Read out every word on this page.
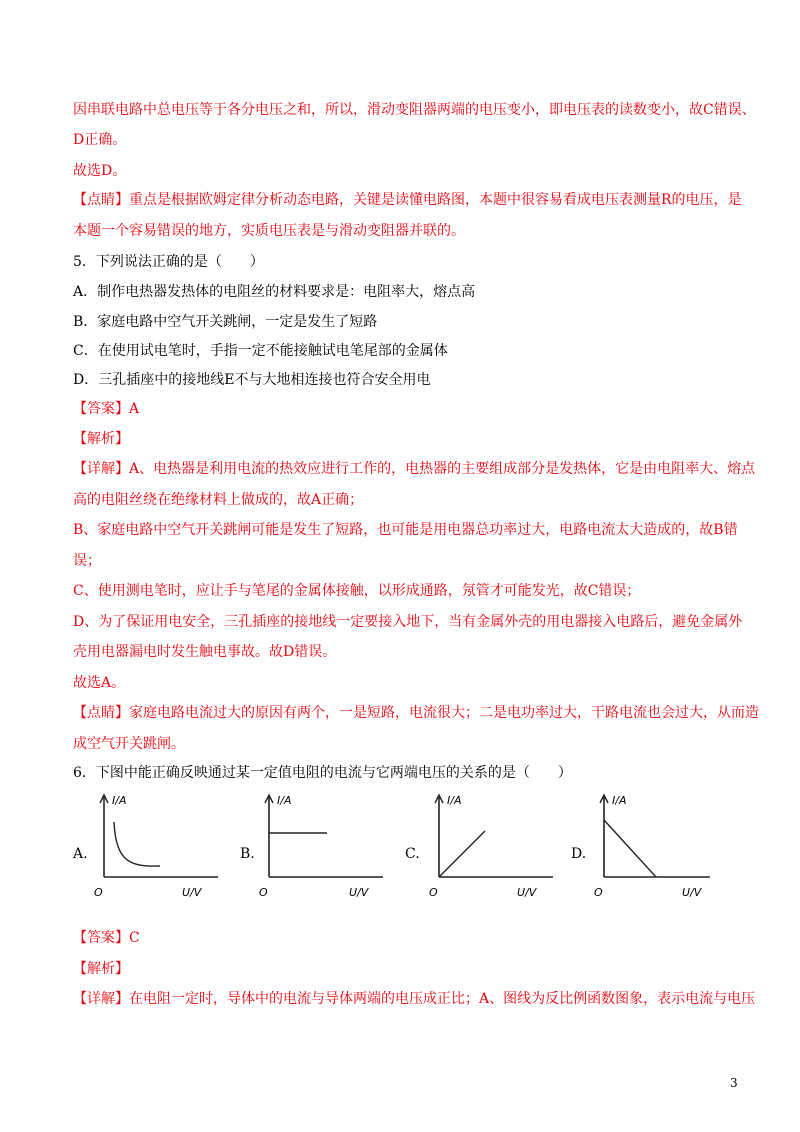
因串联电路中总电压等于各分电压之和，所以，滑动变阻器两端的电压变小，即电压表的读数变小，故C错误、
D正确。
故选D。
【点睛】重点是根据欧姆定律分析动态电路，关键是读懂电路图，本题中很容易看成电压表测量R的电压，是
本题一个容易错误的地方，实质电压表是与滑动变阻器并联的。
5．下列说法正确的是（　　）
A．制作电热器发热体的电阻丝的材料要求是：电阻率大，熔点高
B．家庭电路中空气开关跳闸，一定是发生了短路
C．在使用试电笔时，手指一定不能接触试电笔尾部的金属体
D．三孔插座中的接地线E不与大地相连接也符合安全用电
【答案】A
【解析】
【详解】A、电热器是利用电流的热效应进行工作的，电热器的主要组成部分是发热体，它是由电阻率大、熔点
高的电阻丝绕在绝缘材料上做成的，故A正确；
B、家庭电路中空气开关跳闸可能是发生了短路，也可能是用电器总功率过大，电路电流太大造成的，故B错
误；
C、使用测电笔时，应让手与笔尾的金属体接触，以形成通路，氖管才可能发光，故C错误；
D、为了保证用电安全，三孔插座的接地线一定要接入地下，当有金属外壳的用电器接入电路后，避免金属外
壳用电器漏电时发生触电事故。故D错误。
故选A。
【点睛】家庭电路电流过大的原因有两个，一是短路，电流很大；二是电功率过大，干路电流也会过大，从而造
成空气开关跳闸。
6．下图中能正确反映通过某一定值电阻的电流与它两端电压的关系的是（　　）
A.
I/A
U/V
O
B.
I/A
U/V
O
C.
I/A
U/V
O
D.
I/A
U/V
O
【答案】C
【解析】
【详解】在电阻一定时，导体中的电流与导体两端的电压成正比；A、图线为反比例函数图象，表示电流与电压
3
